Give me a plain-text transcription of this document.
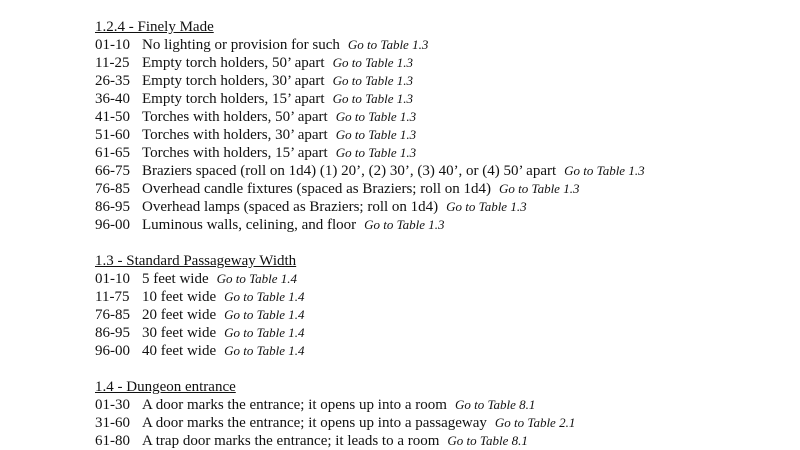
1.2.4 - Finely Made
01-10 No lighting or provision for such Go to Table 1.3
11-25 Empty torch holders, 50’ apart Go to Table 1.3
26-35 Empty torch holders, 30’ apart Go to Table 1.3
36-40 Empty torch holders, 15’ apart Go to Table 1.3
41-50 Torches with holders, 50’ apart Go to Table 1.3
51-60 Torches with holders, 30’ apart Go to Table 1.3
61-65 Torches with holders, 15’ apart Go to Table 1.3
66-75 Braziers spaced (roll on 1d4) (1) 20’, (2) 30’, (3) 40’, or (4) 50’ apart Go to Table 1.3
76-85 Overhead candle fixtures (spaced as Braziers; roll on 1d4) Go to Table 1.3
86-95 Overhead lamps (spaced as Braziers; roll on 1d4) Go to Table 1.3
96-00 Luminous walls, celining, and floor Go to Table 1.3
1.3 - Standard Passageway Width
01-10 5 feet wide Go to Table 1.4
11-75 10 feet wide Go to Table 1.4
76-85 20 feet wide Go to Table 1.4
86-95 30 feet wide Go to Table 1.4
96-00 40 feet wide Go to Table 1.4
1.4 - Dungeon entrance
01-30 A door marks the entrance; it opens up into a room Go to Table 8.1
31-60 A door marks the entrance; it opens up into a passageway Go to Table 2.1
61-80 A trap door marks the entrance; it leads to a room Go to Table 8.1
